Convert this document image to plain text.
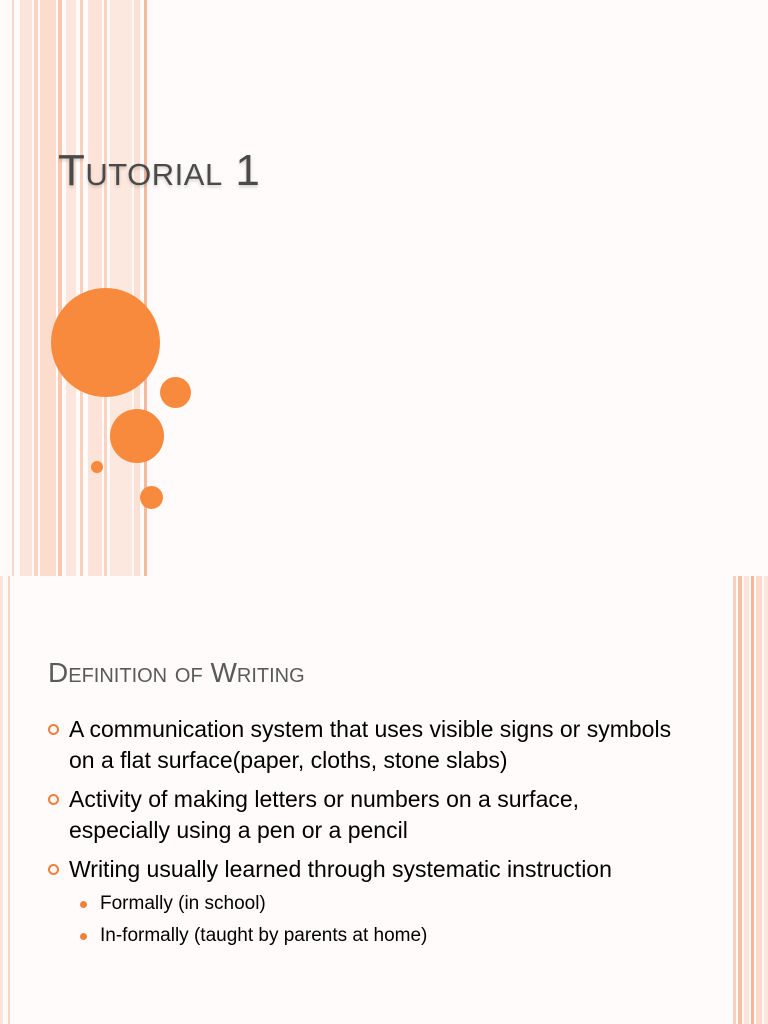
Tutorial 1
Definition of Writing
A communication system that uses visible signs or symbols on a flat surface(paper, cloths, stone slabs)
Activity of making letters or numbers on a surface, especially using a pen or a pencil
Writing usually learned through systematic instruction
Formally (in school)
In-formally (taught by parents at home)
